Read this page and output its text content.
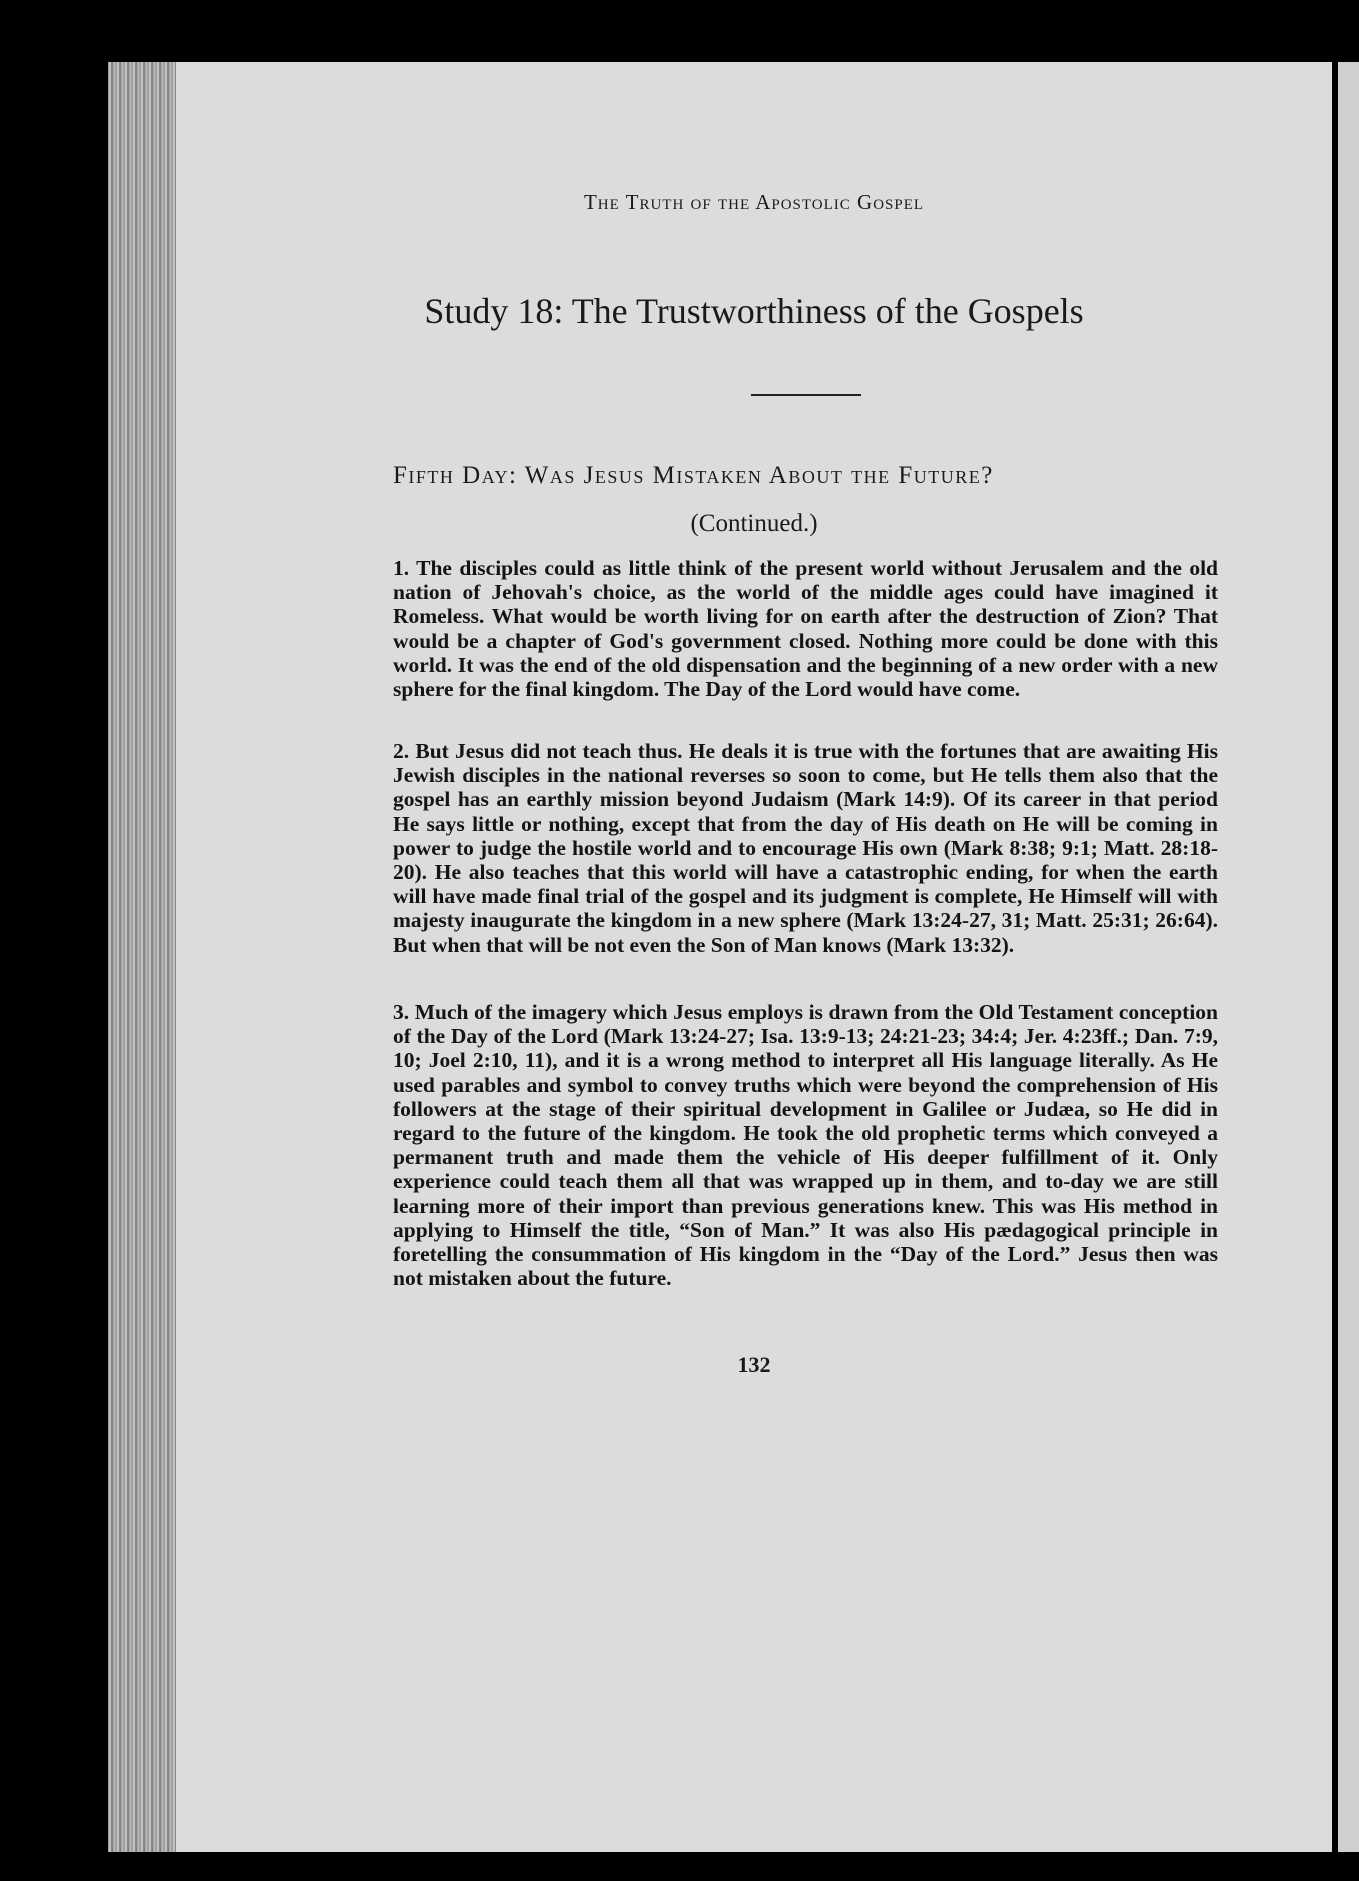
The Truth of the Apostolic Gospel
Study 18: The Trustworthiness of the Gospels
Fifth Day: Was Jesus Mistaken About the Future?
(Continued.)
1. The disciples could as little think of the present world without Jerusalem and the old nation of Jehovah's choice, as the world of the middle ages could have imagined it Romeless. What would be worth living for on earth after the destruction of Zion? That would be a chapter of God's government closed. Nothing more could be done with this world. It was the end of the old dispensation and the beginning of a new order with a new sphere for the final kingdom. The Day of the Lord would have come.
2. But Jesus did not teach thus. He deals it is true with the fortunes that are awaiting His Jewish disciples in the national reverses so soon to come, but He tells them also that the gospel has an earthly mission beyond Judaism (Mark 14:9). Of its career in that period He says little or nothing, except that from the day of His death on He will be coming in power to judge the hostile world and to encourage His own (Mark 8:38; 9:1; Matt. 28:18-20). He also teaches that this world will have a catastrophic ending, for when the earth will have made final trial of the gospel and its judgment is complete, He Himself will with majesty inaugurate the kingdom in a new sphere (Mark 13:24-27, 31; Matt. 25:31; 26:64). But when that will be not even the Son of Man knows (Mark 13:32).
3. Much of the imagery which Jesus employs is drawn from the Old Testament conception of the Day of the Lord (Mark 13:24-27; Isa. 13:9-13; 24:21-23; 34:4; Jer. 4:23ff.; Dan. 7:9, 10; Joel 2:10, 11), and it is a wrong method to interpret all His language literally. As He used parables and symbol to convey truths which were beyond the comprehension of His followers at the stage of their spiritual development in Galilee or Judæa, so He did in regard to the future of the kingdom. He took the old prophetic terms which conveyed a permanent truth and made them the vehicle of His deeper fulfillment of it. Only experience could teach them all that was wrapped up in them, and to-day we are still learning more of their import than previous generations knew. This was His method in applying to Himself the title, “Son of Man.” It was also His pædagogical principle in foretelling the consummation of His kingdom in the “Day of the Lord.” Jesus then was not mistaken about the future.
132
